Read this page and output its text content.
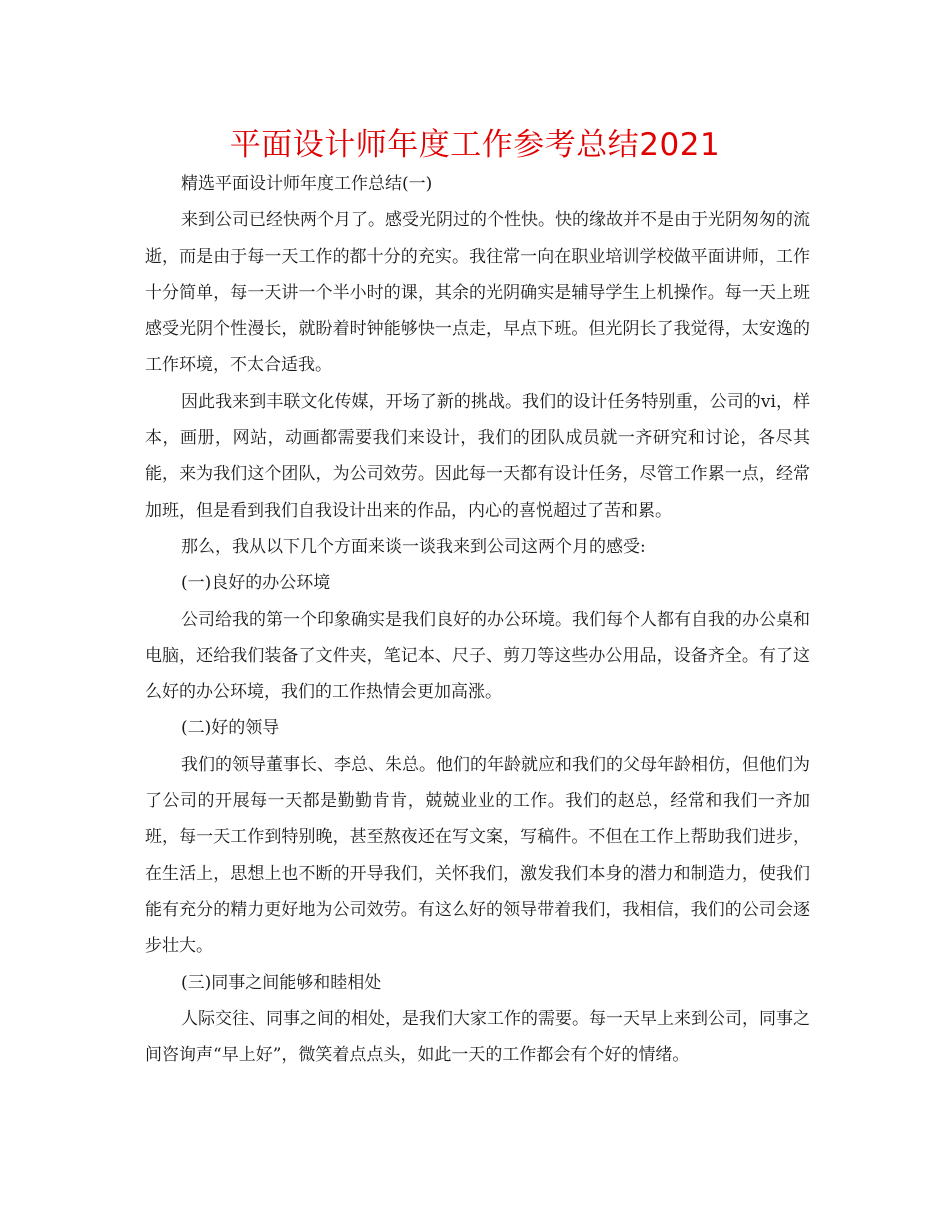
平面设计师年度工作参考总结2021

精选平面设计师年度工作总结(一)

来到公司已经快两个月了。感受光阴过的个性快。快的缘故并不是由于光阴匆匆的流逝，而是由于每一天工作的都十分的充实。我往常一向在职业培训学校做平面讲师，工作十分简单，每一天讲一个半小时的课，其余的光阴确实是辅导学生上机操作。每一天上班感受光阴个性漫长，就盼着时钟能够快一点走，早点下班。但光阴长了我觉得，太安逸的工作环境，不太合适我。

因此我来到丰联文化传媒，开场了新的挑战。我们的设计任务特别重，公司的vi，样本，画册，网站，动画都需要我们来设计，我们的团队成员就一齐研究和讨论，各尽其能，来为我们这个团队，为公司效劳。因此每一天都有设计任务，尽管工作累一点，经常加班，但是看到我们自我设计出来的作品，内心的喜悦超过了苦和累。

那么，我从以下几个方面来谈一谈我来到公司这两个月的感受:

(一)良好的办公环境

公司给我的第一个印象确实是我们良好的办公环境。我们每个人都有自我的办公桌和电脑，还给我们装备了文件夹，笔记本、尺子、剪刀等这些办公用品，设备齐全。有了这么好的办公环境，我们的工作热情会更加高涨。

(二)好的领导

我们的领导董事长、李总、朱总。他们的年龄就应和我们的父母年龄相仿，但他们为了公司的开展每一天都是勤勤肯肯，兢兢业业的工作。我们的赵总，经常和我们一齐加班，每一天工作到特别晚，甚至熬夜还在写文案，写稿件。不但在工作上帮助我们进步，在生活上，思想上也不断的开导我们，关怀我们，激发我们本身的潜力和制造力，使我们能有充分的精力更好地为公司效劳。有这么好的领导带着我们，我相信，我们的公司会逐步壮大。

(三)同事之间能够和睦相处

人际交往、同事之间的相处，是我们大家工作的需要。每一天早上来到公司，同事之间咨询声“早上好”，微笑着点点头，如此一天的工作都会有个好的情绪。
